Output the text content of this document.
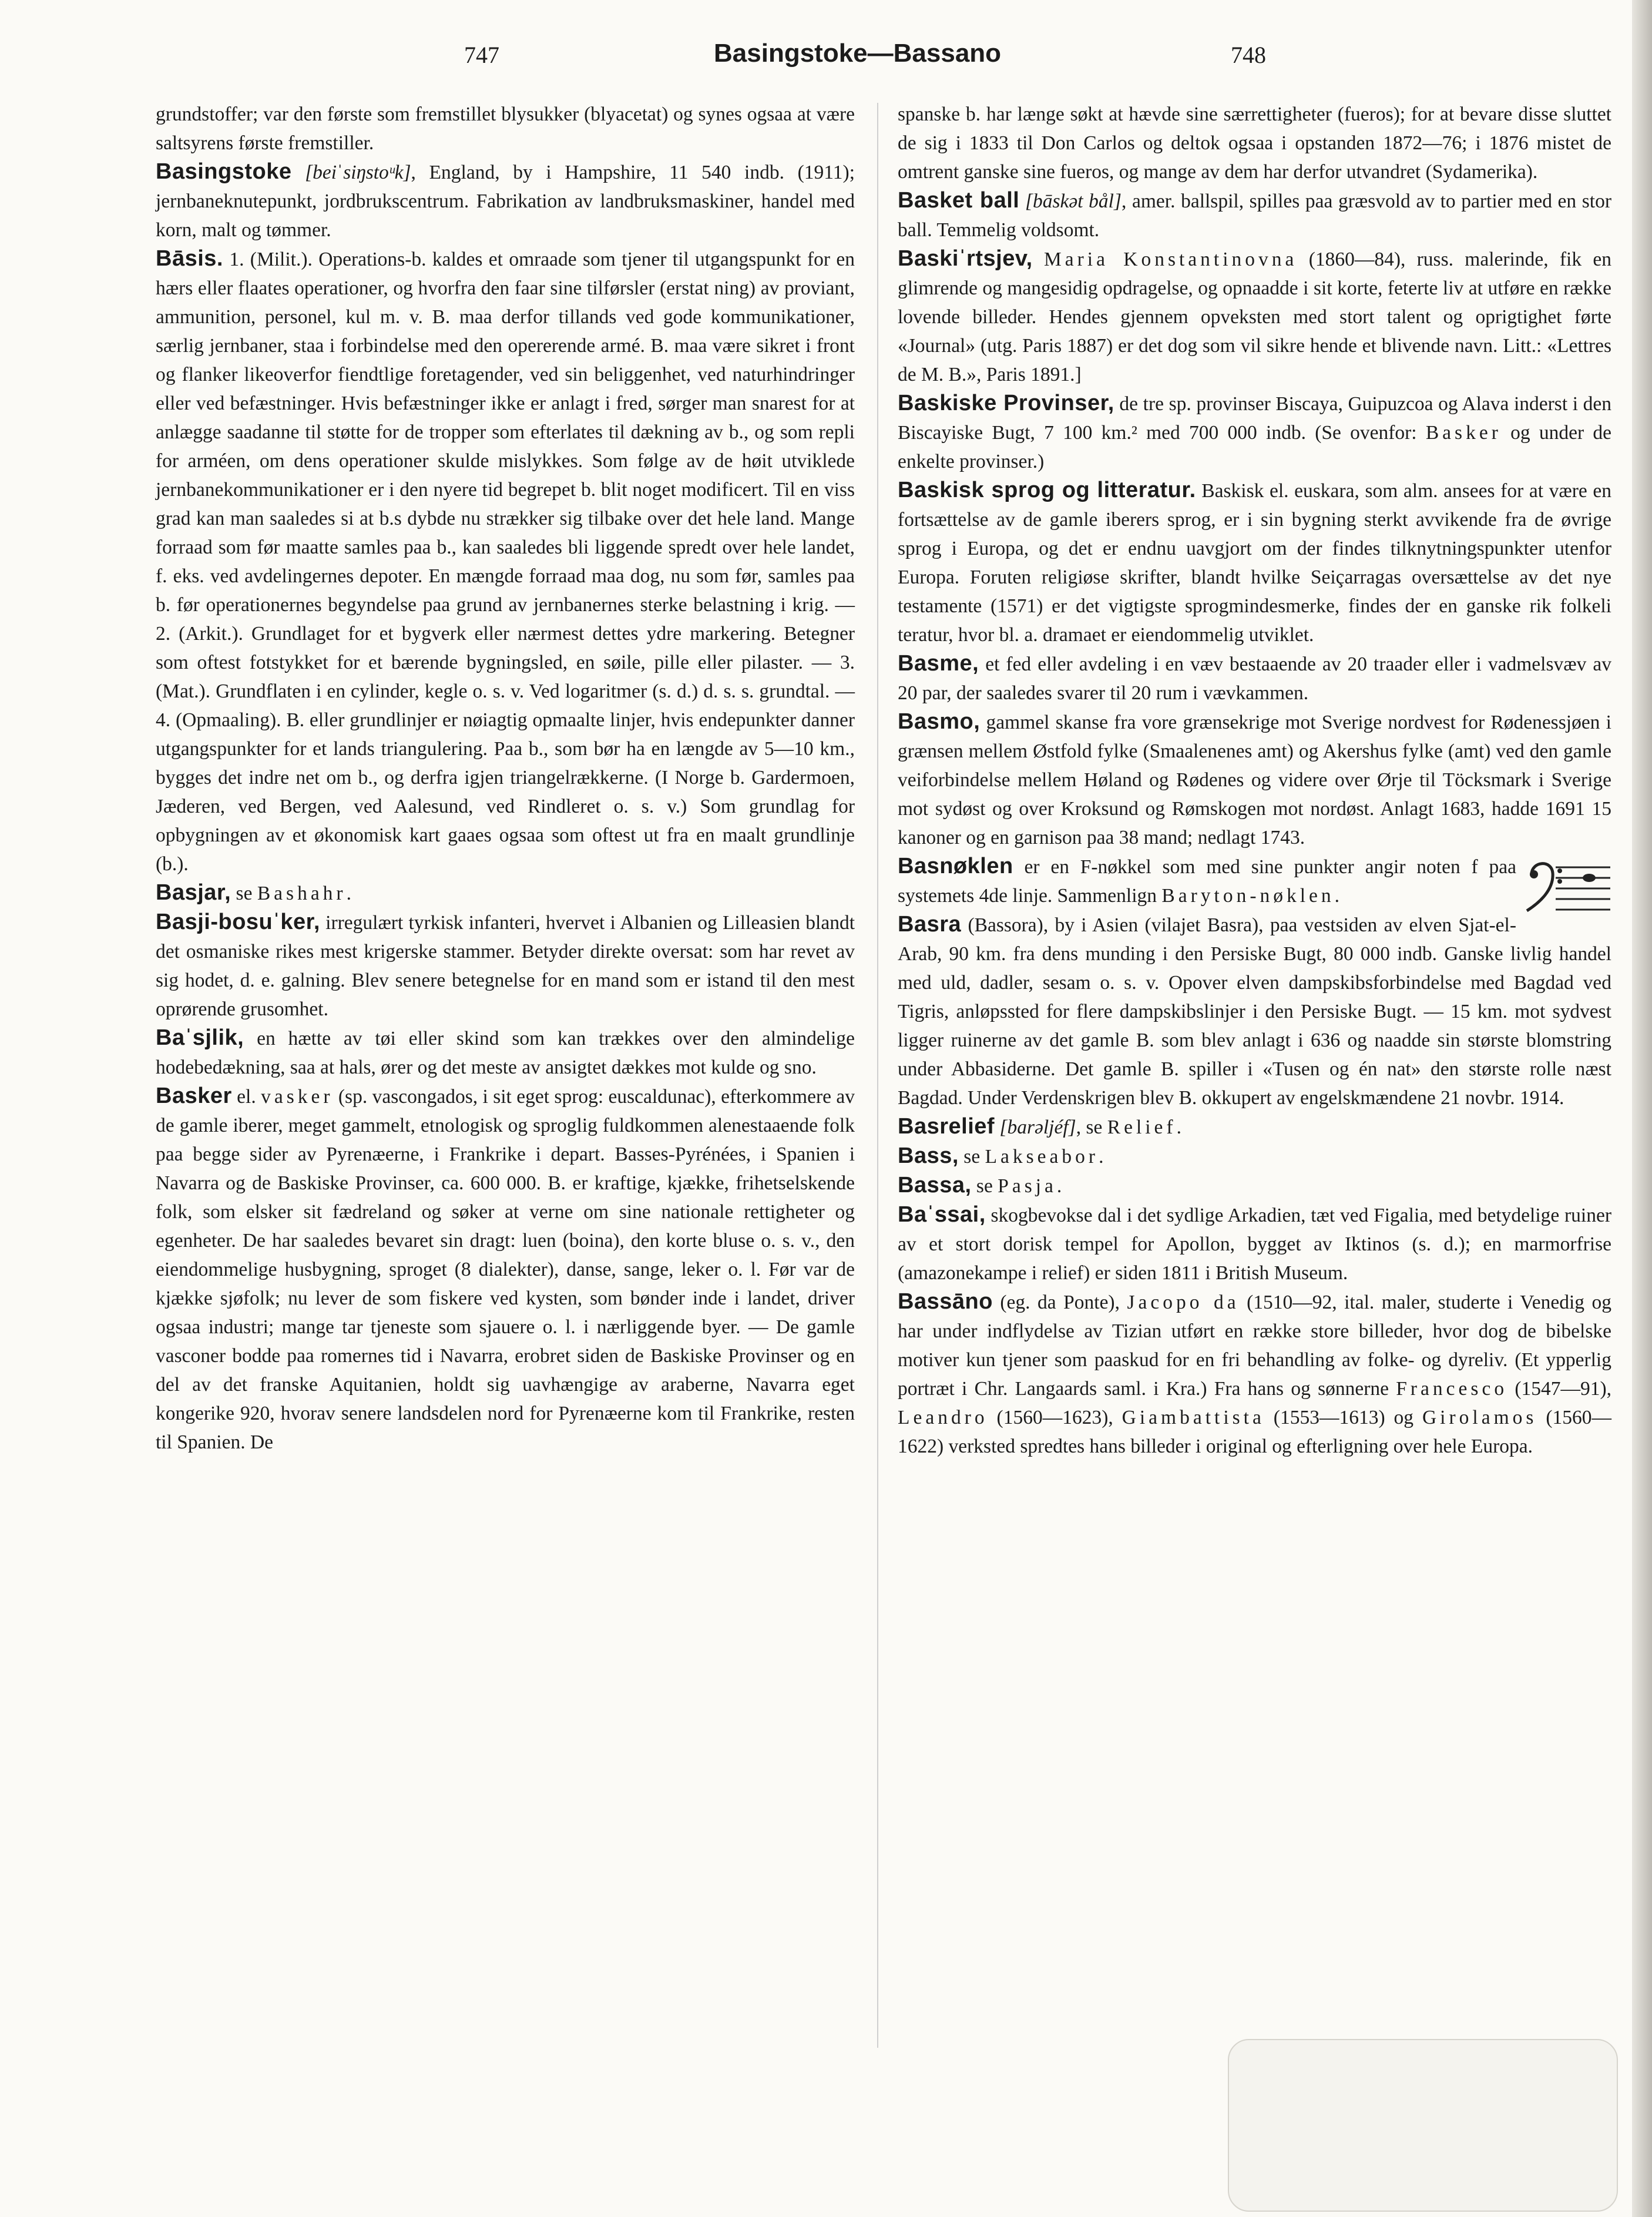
747	Basingstoke—Bassano	748

grundstoffer; var den første som fremstillet blysukker (blyacetat) og synes ogsaa at være saltsyrens første fremstiller.

Basingstoke [beiˈsiŋstoᵘk], England, by i Hampshire, 11 540 indb. (1911); jernbaneknutepunkt, jordbrukscentrum. Fabrikation av landbruksmaskiner, handel med korn, malt og tømmer.

Bāsis. 1. (Milit.). Operations-b. kaldes et omraade som tjener til utgangspunkt for en hærs eller flaates operationer, og hvorfra den faar sine tilførsler (erstat ning) av proviant, ammunition, personel, kul m. v. B. maa derfor tillands ved gode kommunikationer, særlig jernbaner, staa i forbindelse med den opererende armé. B. maa være sikret i front og flanker likeoverfor fiendtlige foretagender, ved sin beliggenhet, ved naturhindringer eller ved befæstninger. Hvis befæstninger ikke er anlagt i fred, sørger man snarest for at anlægge saadanne til støtte for de tropper som efterlates til dækning av b., og som repli for arméen, om dens operationer skulde mislykkes. Som følge av de høit utviklede jernbanekommunikationer er i den nyere tid begrepet b. blit noget modificert. Til en viss grad kan man saaledes si at b.s dybde nu strækker sig tilbake over det hele land. Mange forraad som før maatte samles paa b., kan saaledes bli liggende spredt over hele landet, f. eks. ved avdelingernes depoter. En mængde forraad maa dog, nu som før, samles paa b. før operationernes begyndelse paa grund av jernbanernes sterke belastning i krig. — 2. (Arkit.). Grundlaget for et bygverk eller nærmest dettes ydre markering. Betegner som oftest fotstykket for et bærende bygningsled, en søile, pille eller pilaster. — 3. (Mat.). Grundflaten i en cylinder, kegle o. s. v. Ved logaritmer (s. d.) d. s. s. grundtal. — 4. (Opmaaling). B. eller grundlinjer er nøiagtig opmaalte linjer, hvis endepunkter danner utgangspunkter for et lands triangulering. Paa b., som bør ha en længde av 5—10 km., bygges det indre net om b., og derfra igjen triangelrækkerne. (I Norge b. Gardermoen, Jæderen, ved Bergen, ved Aalesund, ved Rindleret o. s. v.) Som grundlag for opbygningen av et økonomisk kart gaaes ogsaa som oftest ut fra en maalt grundlinje (b.).

Basjar, se Bashahr.

Basji-bosuˈker, irregulært tyrkisk infanteri, hvervet i Albanien og Lilleasien blandt det osmaniske rikes mest krigerske stammer. Betyder direkte oversat: som har revet av sig hodet, d. e. galning. Blev senere betegnelse for en mand som er istand til den mest oprørende grusomhet.

Baˈsjlik, en hætte av tøi eller skind som kan trækkes over den almindelige hodebedækning, saa at hals, ører og det meste av ansigtet dækkes mot kulde og sno.

Basker el. vasker (sp. vascongados, i sit eget sprog: euscaldunac), efterkommere av de gamle iberer, meget gammelt, etnologisk og sproglig fuldkommen alenestaaende folk paa begge sider av Pyrenæerne, i Frankrike i depart. Basses-Pyrénées, i Spanien i Navarra og de Baskiske Provinser, ca. 600 000. B. er kraftige, kjække, frihetselskende folk, som elsker sit fædreland og søker at verne om sine nationale rettigheter og egenheter. De har saaledes bevaret sin dragt: luen (boina), den korte bluse o. s. v., den eiendommelige husbygning, sproget (8 dialekter), danse, sange, leker o. l. Før var de kjække sjøfolk; nu lever de som fiskere ved kysten, som bønder inde i landet, driver ogsaa industri; mange tar tjeneste som sjauere o. l. i nærliggende byer. — De gamle vasconer bodde paa romernes tid i Navarra, erobret siden de Baskiske Provinser og en del av det franske Aquitanien, holdt sig uavhængige av araberne, Navarra eget kongerike 920, hvorav senere landsdelen nord for Pyrenæerne kom til Frankrike, resten til Spanien. De

spanske b. har længe søkt at hævde sine særrettigheter (fueros); for at bevare disse sluttet de sig i 1833 til Don Carlos og deltok ogsaa i opstanden 1872—76; i 1876 mistet de omtrent ganske sine fueros, og mange av dem har derfor utvandret (Sydamerika).

Basket ball [bāskət bål], amer. ballspil, spilles paa græsvold av to partier med en stor ball. Temmelig voldsomt.

Baskiˈrtsjev, Maria Konstantinovna (1860—84), russ. malerinde, fik en glimrende og mangesidig opdragelse, og opnaadde i sit korte, feterte liv at utføre en række lovende billeder. Hendes gjennem opveksten med stort talent og oprigtighet førte «Journal» (utg. Paris 1887) er det dog som vil sikre hende et blivende navn. Litt.: «Lettres de M. B.», Paris 1891.]

Baskiske Provinser, de tre sp. provinser Biscaya, Guipuzcoa og Alava inderst i den Biscayiske Bugt, 7 100 km.² med 700 000 indb. (Se ovenfor: Basker og under de enkelte provinser.)

Baskisk sprog og litteratur. Baskisk el. euskara, som alm. ansees for at være en fortsættelse av de gamle iberers sprog, er i sin bygning sterkt avvikende fra de øvrige sprog i Europa, og det er endnu uavgjort om der findes tilknytningspunkter utenfor Europa. Foruten religiøse skrifter, blandt hvilke Seiçarragas oversættelse av det nye testamente (1571) er det vigtigste sprogmindesmerke, findes der en ganske rik folkeli teratur, hvor bl. a. dramaet er eiendommelig utviklet.

Basme, et fed eller avdeling i en væv bestaaende av 20 traader eller i vadmelsvæv av 20 par, der saaledes svarer til 20 rum i vævkammen.

Basmo, gammel skanse fra vore grænsekrige mot Sverige nordvest for Rødenessjøen i grænsen mellem Østfold fylke (Smaalenenes amt) og Akershus fylke (amt) ved den gamle veiforbindelse mellem Høland og Rødenes og videre over Ørje til Töcksmark i Sverige mot sydøst og over Kroksund og Rømskogen mot nordøst. Anlagt 1683, hadde 1691 15 kanoner og en garnison paa 38 mand; nedlagt 1743.

Basnøklen er en F-nøkkel som med sine punkter angir noten f paa systemets 4de linje. Sammenlign Baryton-nøklen.

Basra (Bassora), by i Asien (vilajet Basra), paa vestsiden av elven Sjat-el-Arab, 90 km. fra dens munding i den Persiske Bugt, 80 000 indb. Ganske livlig handel med uld, dadler, sesam o. s. v. Opover elven dampskibsforbindelse med Bagdad ved Tigris, anløpssted for flere dampskibslinjer i den Persiske Bugt. — 15 km. mot sydvest ligger ruinerne av det gamle B. som blev anlagt i 636 og naadde sin største blomstring under Abbasiderne. Det gamle B. spiller i «Tusen og én nat» den største rolle næst Bagdad. Under Verdenskrigen blev B. okkupert av engelskmændene 21 novbr. 1914.

Basrelief [barəljéf], se Relief.

Bass, se Lakseabor.

Bassa, se Pasja.

Baˈssai, skogbevokse dal i det sydlige Arkadien, tæt ved Figalia, med betydelige ruiner av et stort dorisk tempel for Apollon, bygget av Iktinos (s. d.); en marmorfrise (amazonekampe i relief) er siden 1811 i British Museum.

Bassāno (eg. da Ponte), Jacopo da (1510—92, ital. maler, studerte i Venedig og har under indflydelse av Tizian utført en række store billeder, hvor dog de bibelske motiver kun tjener som paaskud for en fri behandling av folke- og dyreliv. (Et ypperlig portræt i Chr. Langaards saml. i Kra.) Fra hans og sønnerne Francesco (1547—91), Leandro (1560—1623), Giambattista (1553—1613) og Girolamos (1560—1622) verksted spredtes hans billeder i original og efterligning over hele Europa.
